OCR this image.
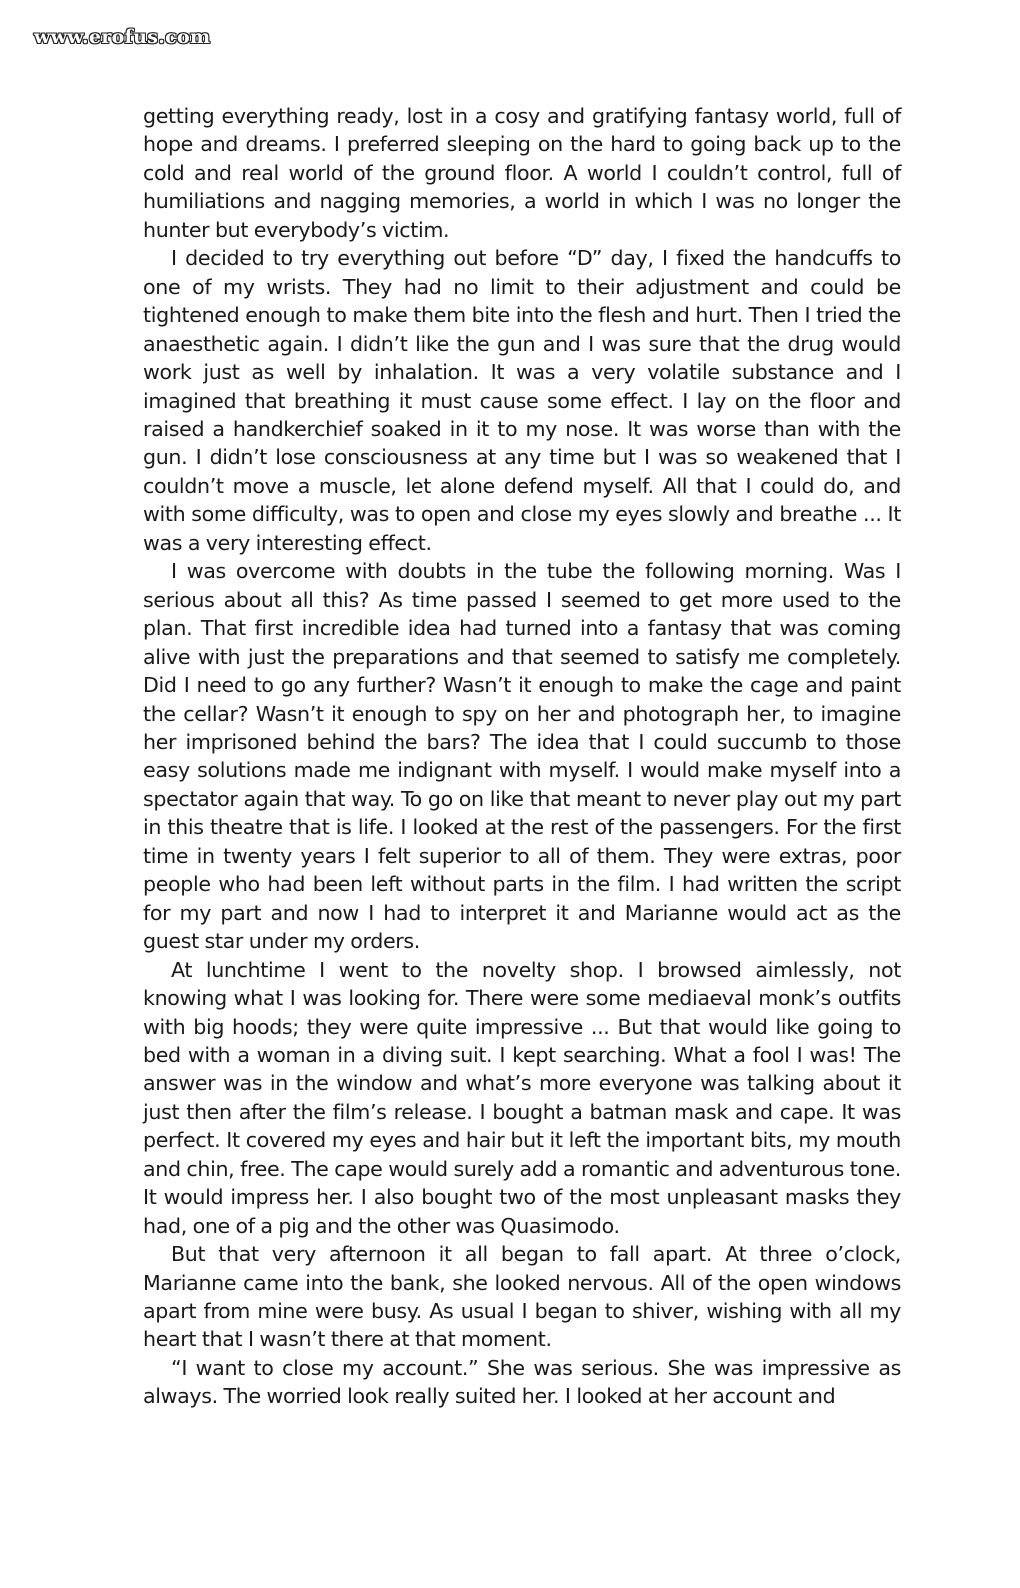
www.erofus.com

getting everything ready, lost in a cosy and gratifying fantasy world, full of hope and dreams. I preferred sleeping on the hard to going back up to the cold and real world of the ground floor. A world I couldn’t control, full of humiliations and nagging memories, a world in which I was no longer the hunter but everybody’s victim.

I decided to try everything out before “D” day, I fixed the handcuffs to one of my wrists. They had no limit to their adjustment and could be tightened enough to make them bite into the flesh and hurt. Then I tried the anaesthetic again. I didn’t like the gun and I was sure that the drug would work just as well by inhalation. It was a very volatile substance and I imagined that breathing it must cause some effect. I lay on the floor and raised a handkerchief soaked in it to my nose. It was worse than with the gun. I didn’t lose consciousness at any time but I was so weakened that I couldn’t move a muscle, let alone defend myself. All that I could do, and with some difficulty, was to open and close my eyes slowly and breathe ... It was a very interesting effect.

I was overcome with doubts in the tube the following morning. Was I serious about all this? As time passed I seemed to get more used to the plan. That first incredible idea had turned into a fantasy that was coming alive with just the preparations and that seemed to satisfy me completely. Did I need to go any further? Wasn’t it enough to make the cage and paint the cellar? Wasn’t it enough to spy on her and photograph her, to imagine her imprisoned behind the bars? The idea that I could succumb to those easy solutions made me indignant with myself. I would make myself into a spectator again that way. To go on like that meant to never play out my part in this theatre that is life. I looked at the rest of the passengers. For the first time in twenty years I felt superior to all of them. They were extras, poor people who had been left without parts in the film. I had written the script for my part and now I had to interpret it and Marianne would act as the guest star under my orders.

At lunchtime I went to the novelty shop. I browsed aimlessly, not knowing what I was looking for. There were some mediaeval monk’s outfits with big hoods; they were quite impressive ... But that would like going to bed with a woman in a diving suit. I kept searching. What a fool I was! The answer was in the window and what’s more everyone was talking about it just then after the film’s release. I bought a batman mask and cape. It was perfect. It covered my eyes and hair but it left the important bits, my mouth and chin, free. The cape would surely add a romantic and adventurous tone. It would impress her. I also bought two of the most unpleasant masks they had, one of a pig and the other was Quasimodo.

But that very afternoon it all began to fall apart. At three o’clock, Marianne came into the bank, she looked nervous. All of the open windows apart from mine were busy. As usual I began to shiver, wishing with all my heart that I wasn’t there at that moment.

“I want to close my account.” She was serious. She was impressive as always. The worried look really suited her. I looked at her account and
